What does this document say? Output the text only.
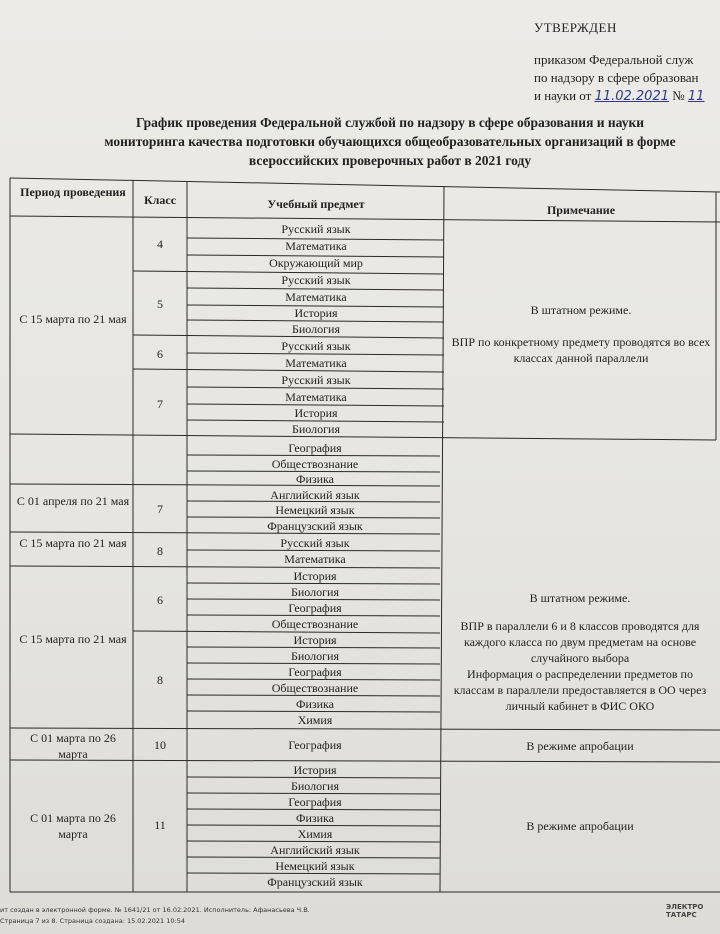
УТВЕРЖДЕН
приказом Федеральной служ
по надзору в сфере образован
и науки от 11.02.2021 № 11
График проведения Федеральной службой по надзору в сфере образования и науки
мониторинга качества подготовки обучающихся общеобразовательных организаций в форме
всероссийских проверочных работ в 2021 году
Период проведения
Класс	Учебный предмет	Примечание
С 15 марта по 21 мая
С 01 апреля по 21 мая
С 15 марта по 21 мая
С 15 марта по 21 мая
С 01 марта по 26 марта
С 01 марта по 26 марта
4
5
6
7
7
8
6
8
10
11
Русский язык
Математика
Окружающий мир
Русский язык
Математика
История
Биология
Русский язык
Математика
Русский язык
Математика
История
Биология
География
Обществознание
Физика
Английский язык
Немецкий язык
Французский язык
Русский язык
Математика
История
Биология
География
Обществознание
История
Биология
География
Обществознание
Физика
Химия
География
История
Биология
География
Физика
Химия
Английский язык
Немецкий язык
Французский язык
В штатном режиме.
ВПР по конкретному предмету проводятся во всех классах данной параллели
В штатном режиме.
ВПР в параллели 6 и 8 классов проводятся для каждого класса по двум предметам на основе случайного выбора
Информация о распределении предметов по классам в параллели предоставляется в ОО через личный кабинет в ФИС ОКО
В режиме апробации
В режиме апробации
ит создан в электронной форме. № 1641/21 от 16.02.2021. Исполнитель: Афанасьева Ч.В.
Страница 7 из 8. Страница создана: 15.02.2021 10:54
ЭЛЕКТРО
ТАТАРС
